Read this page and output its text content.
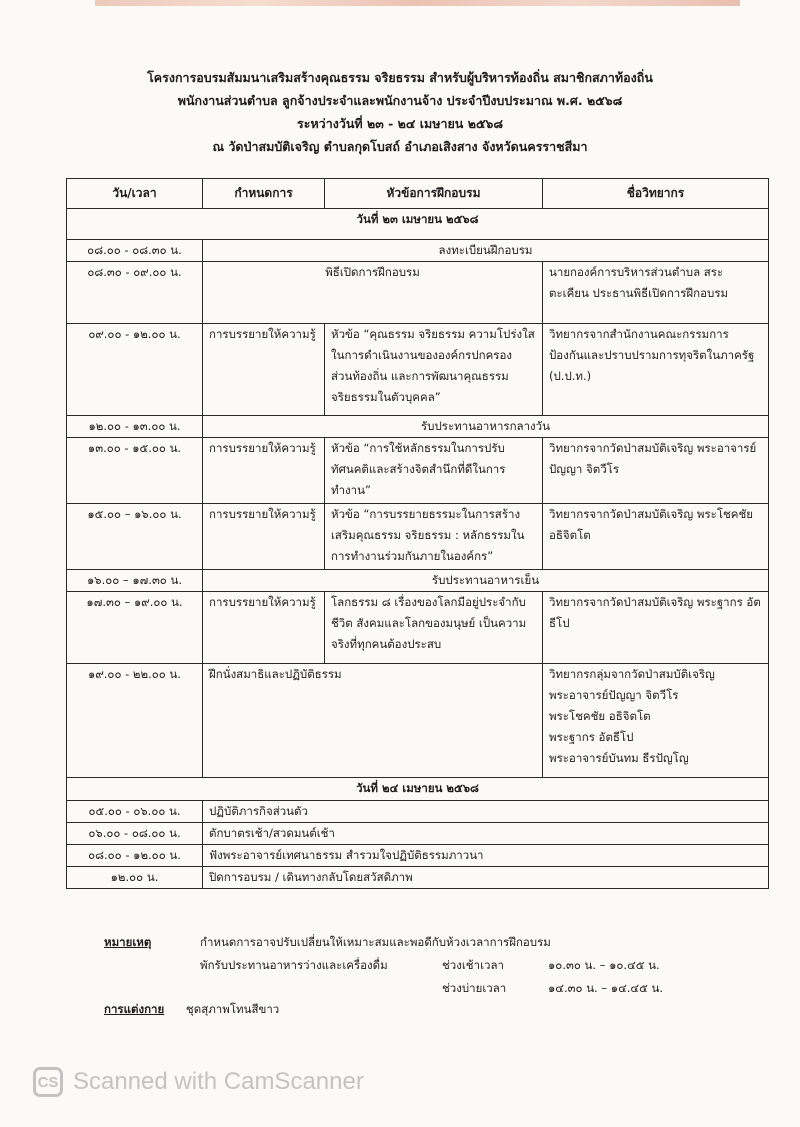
โครงการอบรมสัมมนาเสริมสร้างคุณธรรม จริยธรรม สำหรับผู้บริหารท้องถิ่น สมาชิกสภาท้องถิ่น
พนักงานส่วนตำบล ลูกจ้างประจำและพนักงานจ้าง ประจำปีงบประมาณ พ.ศ. ๒๕๖๘
ระหว่างวันที่ ๒๓ - ๒๔ เมษายน ๒๕๖๘
ณ วัดป่าสมบัติเจริญ ตำบลกุดโบสถ์ อำเภอเสิงสาง จังหวัดนครราชสีมา
วัน/เวลา	กำหนดการ	หัวข้อการฝึกอบรม	ชื่อวิทยากร
วันที่ ๒๓ เมษายน ๒๕๖๘			
๐๘.๐๐ - ๐๘.๓๐ น.	ลงทะเบียนฝึกอบรม		
๐๘.๓๐ - ๐๙.๐๐ น.	พิธีเปิดการฝึกอบรม		นายกองค์การบริหารส่วนตำบล สระตะเคียน ประธานพิธีเปิดการฝึกอบรม
๐๙.๐๐ - ๑๒.๐๐ น.	การบรรยายให้ความรู้	หัวข้อ “คุณธรรม จริยธรรม ความโปร่งใสในการดำเนินงานขององค์กรปกครอง ส่วนท้องถิ่น และการพัฒนาคุณธรรม จริยธรรมในตัวบุคคล”	วิทยากรจากสำนักงานคณะกรรมการป้องกันและปราบปรามการทุจริตในภาครัฐ (ป.ป.ท.)
๑๒.๐๐ - ๑๓.๐๐ น.	รับประทานอาหารกลางวัน		
๑๓.๐๐ - ๑๕.๐๐ น.	การบรรยายให้ความรู้	หัวข้อ “การใช้หลักธรรมในการปรับทัศนคติและสร้างจิตสำนึกที่ดีในการทำงาน”	วิทยากรจากวัดป่าสมบัติเจริญ พระอาจารย์ปัญญา จิตวีโร
๑๕.๐๐ – ๑๖.๐๐ น.	การบรรยายให้ความรู้	หัวข้อ “การบรรยายธรรมะในการสร้างเสริมคุณธรรม จริยธรรม : หลักธรรมในการทำงานร่วมกันภายในองค์กร”	วิทยากรจากวัดป่าสมบัติเจริญ พระโชคชัย อธิจิตโต
๑๖.๐๐ – ๑๗.๓๐ น.	รับประทานอาหารเย็น		
๑๗.๓๐ – ๑๙.๐๐ น.	การบรรยายให้ความรู้	โลกธรรม ๘ เรื่องของโลกมีอยู่ประจำกับชีวิต สังคมและโลกของมนุษย์ เป็นความจริงที่ทุกคนต้องประสบ	วิทยากรจากวัดป่าสมบัติเจริญ พระฐากร อัตธีโป
๑๙.๐๐ - ๒๒.๐๐ น.	ฝึกนั่งสมาธิและปฏิบัติธรรม		วิทยากรกลุ่มจากวัดป่าสมบัติเจริญ
พระอาจารย์ปัญญา จิตวีโร
พระโชคชัย อธิจิตโต
พระฐากร อัตธีโป
พระอาจารย์บันทม ธีรปัญโญ

วันที่ ๒๔ เมษายน ๒๕๖๘			
๐๕.๐๐ - ๐๖.๐๐ น.	ปฏิบัติภารกิจส่วนตัว		
๐๖.๐๐ - ๐๘.๐๐ น.	ตักบาตรเช้า/สวดมนต์เช้า		
๐๘.๐๐ - ๑๒.๐๐ น.	ฟังพระอาจารย์เทศนาธรรม สำรวมใจปฏิบัติธรรมภาวนา		
๑๒.๐๐ น.	ปิดการอบรม / เดินทางกลับโดยสวัสดิภาพ		
หมายเหตุ	กำหนดการอาจปรับเปลี่ยนให้เหมาะสมและพอดีกับห้วงเวลาการฝึกอบรม
พักรับประทานอาหารว่างและเครื่องดื่ม	ช่วงเช้าเวลา	๑๐.๓๐ น. – ๑๐.๔๕ น.
ช่วงบ่ายเวลา	๑๔.๓๐ น. – ๑๔.๔๕ น.
การแต่งกาย ชุดสุภาพโทนสีขาว
CS Scanned with CamScanner
